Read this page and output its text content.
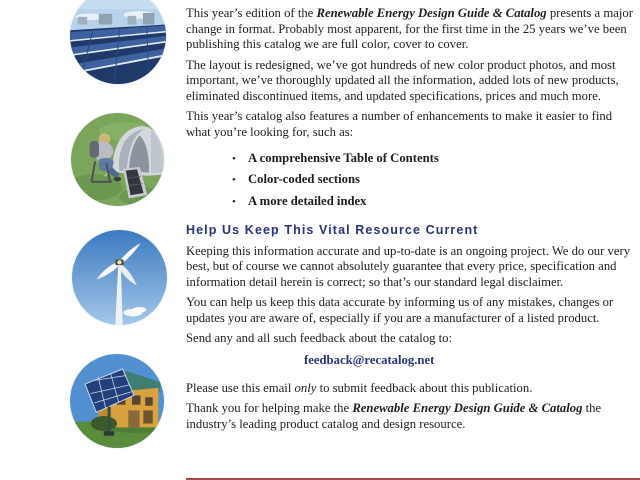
This year’s edition of the Renewable Energy Design Guide & Catalog presents a major change in format. Probably most apparent, for the first time in the 25 years we’ve been publishing this catalog we are full color, cover to cover.

The layout is redesigned, we’ve got hundreds of new color product photos, and most important, we’ve thoroughly updated all the information, added lots of new products, eliminated discontinued items, and updated specifications, prices and much more.

This year’s catalog also features a number of enhancements to make it easier to find what you’re looking for, such as:

•
A comprehensive Table of Contents
•
Color-coded sections
•
A more detailed index
Help Us Keep This Vital Resource Current

Keeping this information accurate and up-to-date is an ongoing project. We do our very best, but of course we cannot absolutely guarantee that every price, specification and information detail herein is correct; so that’s our standard legal disclaimer.

You can help us keep this data accurate by informing us of any mistakes, changes or updates you are aware of, especially if you are a manufacturer of a listed product.

Send any and all such feedback about the catalog to:

feedback@recatalog.net

Please use this email only to submit feedback about this publication.

Thank you for helping make the Renewable Energy Design Guide & Catalog the industry’s leading product catalog and design resource.
